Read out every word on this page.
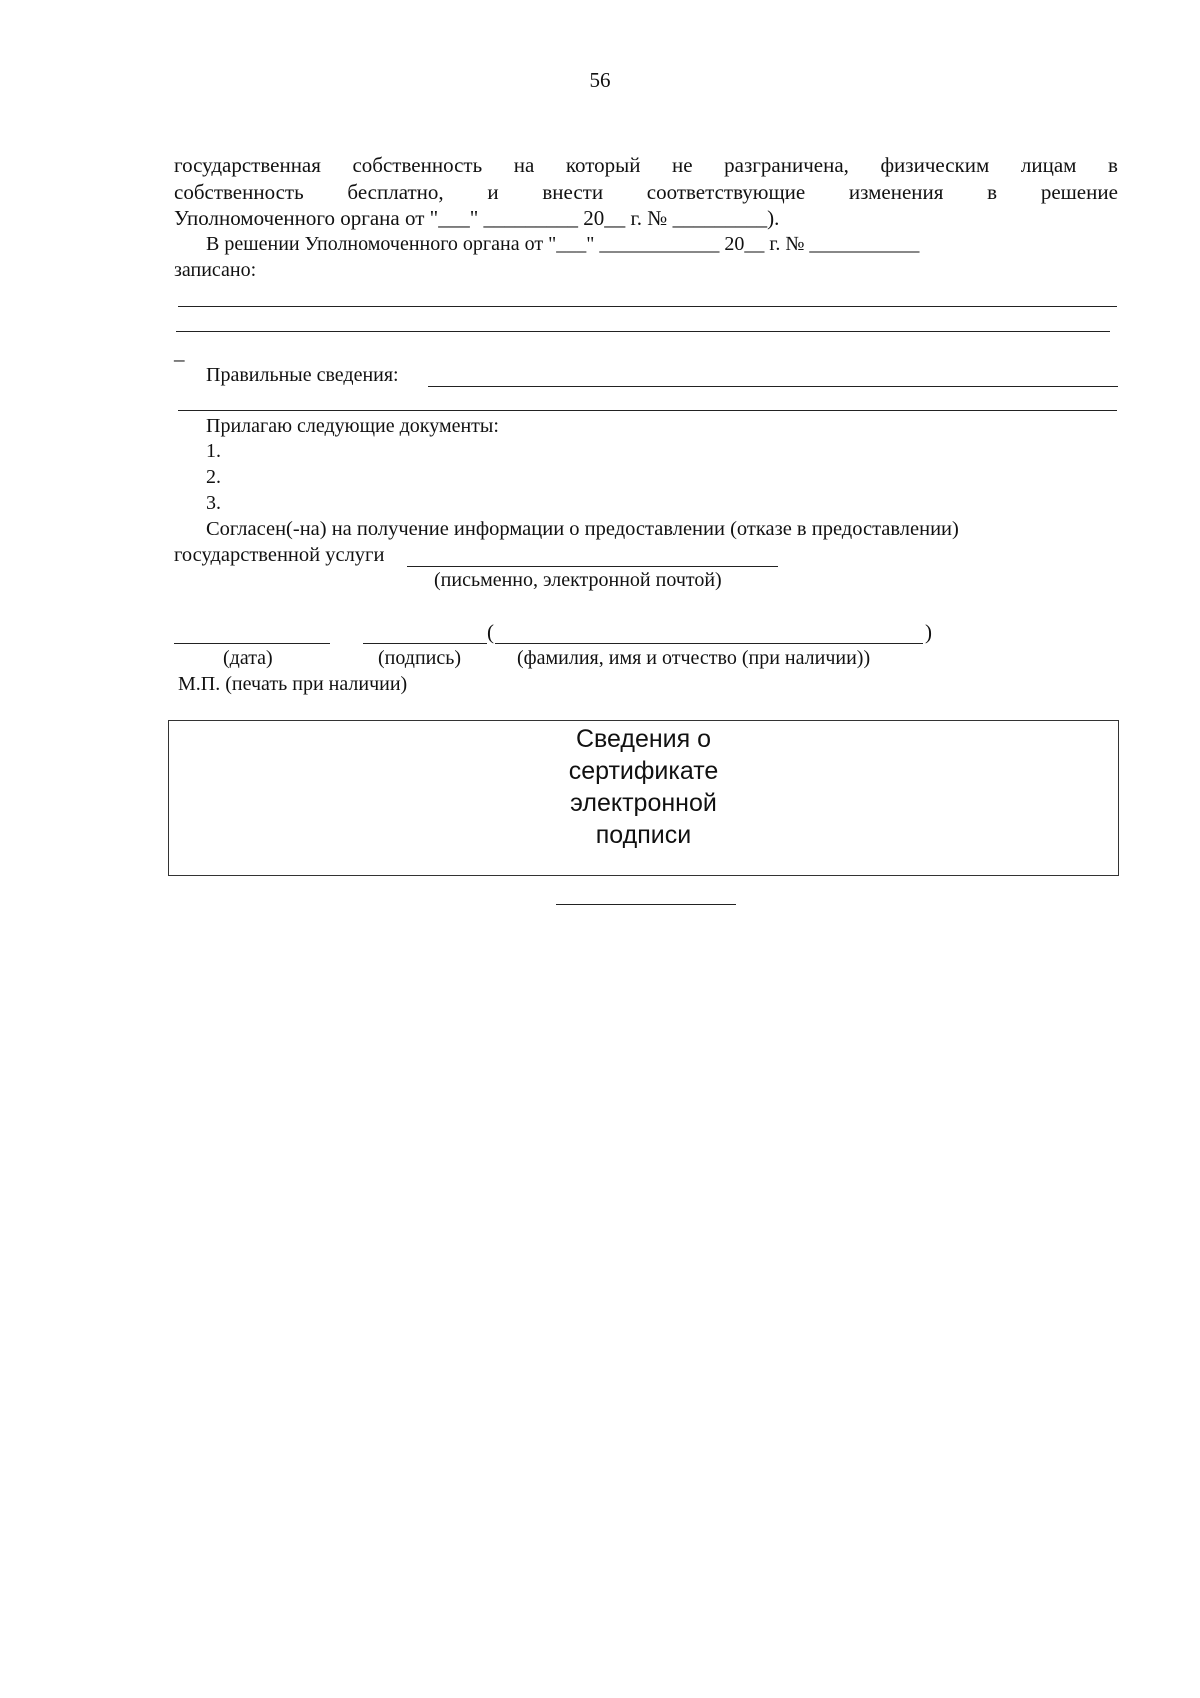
56
государственная собственность на который не разграничена, физическим лицам в
собственность бесплатно, и внести соответствующие изменения в решение
Уполномоченного органа от "___" _________ 20__ г. № _________).
В решении Уполномоченного органа от "___" ____________ 20__ г. № ___________
записано:
_
Правильные сведения:
Прилагаю следующие документы:
1.
2.
3.
Согласен(-на) на получение информации о предоставлении (отказе в предоставлении)
государственной услуги
(письменно, электронной почтой)
(	)
(дата)	(подпись)	(фамилия, имя и отчество (при наличии))
М.П. (печать при наличии)
Сведения о
сертификате
электронной
подписи
